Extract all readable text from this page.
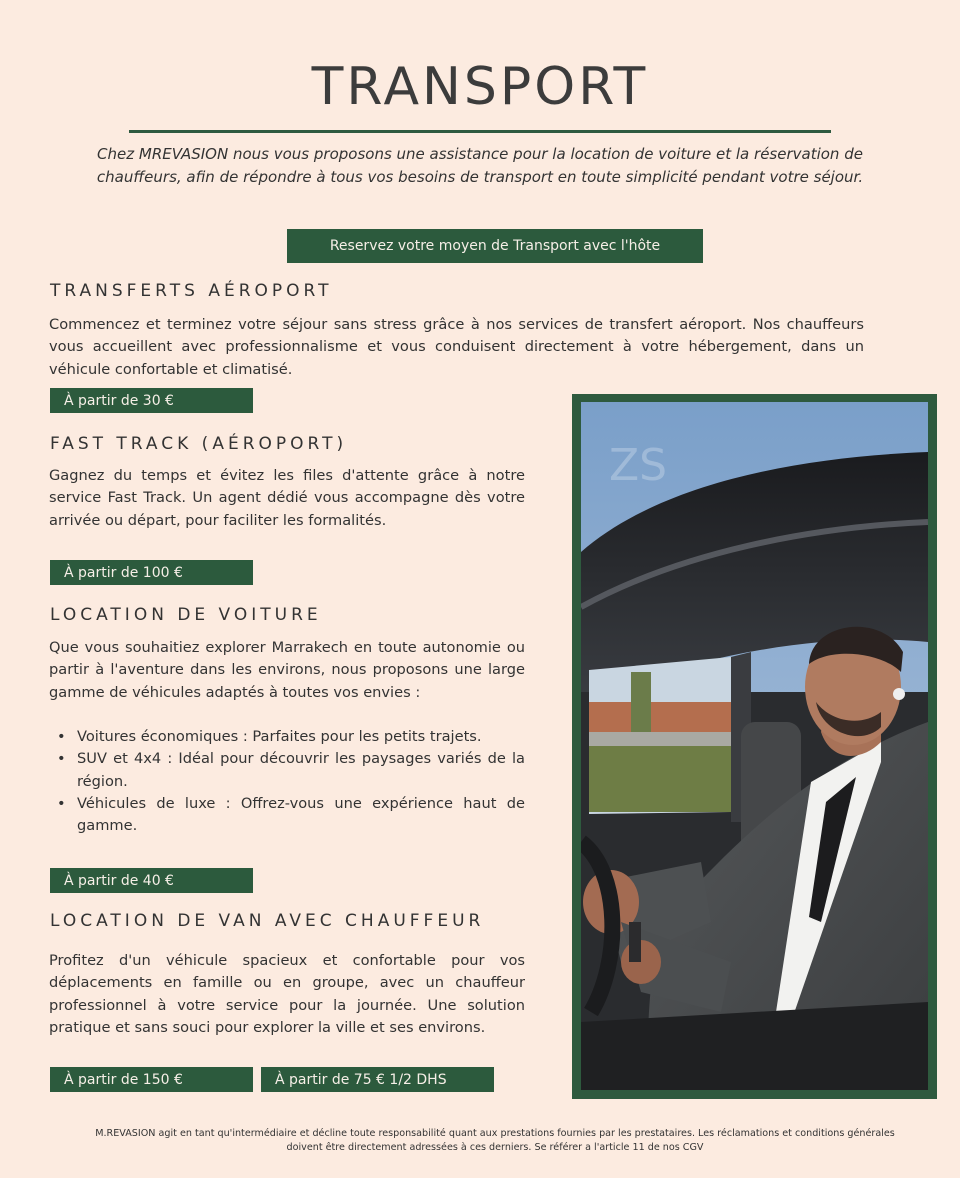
TRANSPORT

Chez MREVASION nous vous proposons une assistance pour la location de voiture et la réservation de chauffeurs, afin de répondre à tous vos besoins de transport en toute simplicité pendant votre séjour.

Reservez votre moyen de Transport avec l'hôte
TRANSFERTS AÉROPORT

Commencez et terminez votre séjour sans stress grâce à nos services de transfert aéroport. Nos chauffeurs vous accueillent avec professionnalisme et vous conduisent directement à votre hébergement, dans un véhicule confortable et climatisé.

À partir de 30 €
FAST TRACK (AÉROPORT)

Gagnez du temps et évitez les files d'attente grâce à notre service Fast Track. Un agent dédié vous accompagne dès votre arrivée ou départ, pour faciliter les formalités.

À partir de 100 €
LOCATION DE VOITURE

Que vous souhaitiez explorer Marrakech en toute autonomie ou partir à l'aventure dans les environs, nous proposons une large gamme de véhicules adaptés à toutes vos envies :

• Voitures économiques : Parfaites pour les petits trajets.
• SUV et 4x4 : Idéal pour découvrir les paysages variés de la région.
• Véhicules de luxe : Offrez-vous une expérience haut de gamme.
À partir de 40 €
LOCATION DE VAN AVEC CHAUFFEUR

Profitez d'un véhicule spacieux et confortable pour vos déplacements en famille ou en groupe, avec un chauffeur professionnel à votre service pour la journée. Une solution pratique et sans souci pour explorer la ville et ses environs.

À partir de 150 €	À partir de 75 € 1/2 DHS
ZS

M.REVASION agit en tant qu'intermédiaire et décline toute responsabilité quant aux prestations fournies par les prestataires. Les réclamations et conditions générales doivent être directement adressées à ces derniers. Se référer a l'article 11 de nos CGV
